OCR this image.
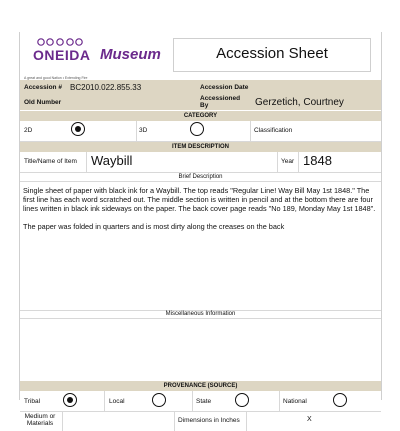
ONEIDA
A great and good Nation • Extending Fire
Museum	Accession Sheet
Accession # BC2010.022.855.33	Accession Date
Old Number
Accessioned By	Gerzetich, Courtney
CATEGORY
2D	3D	Classification
ITEM DESCRIPTION
Title/Name of Item Waybill	Year 1848
Brief Description
Single sheet of paper with black ink for a Waybill. The top reads "Regular Line! Way Bill May 1st 1848." The first line has each word scratched out. The middle section is written in pencil and at the bottom there are four lines written in black ink sideways on the paper. The back cover page reads "No 189, Monday May 1st 1848".
The paper was folded in quarters and is most dirty along the creases on the back
Miscellaneous Information
PROVENANCE (SOURCE)
Tribal	Local	State	National
Medium or Materials	Dimensions in Inches	X
